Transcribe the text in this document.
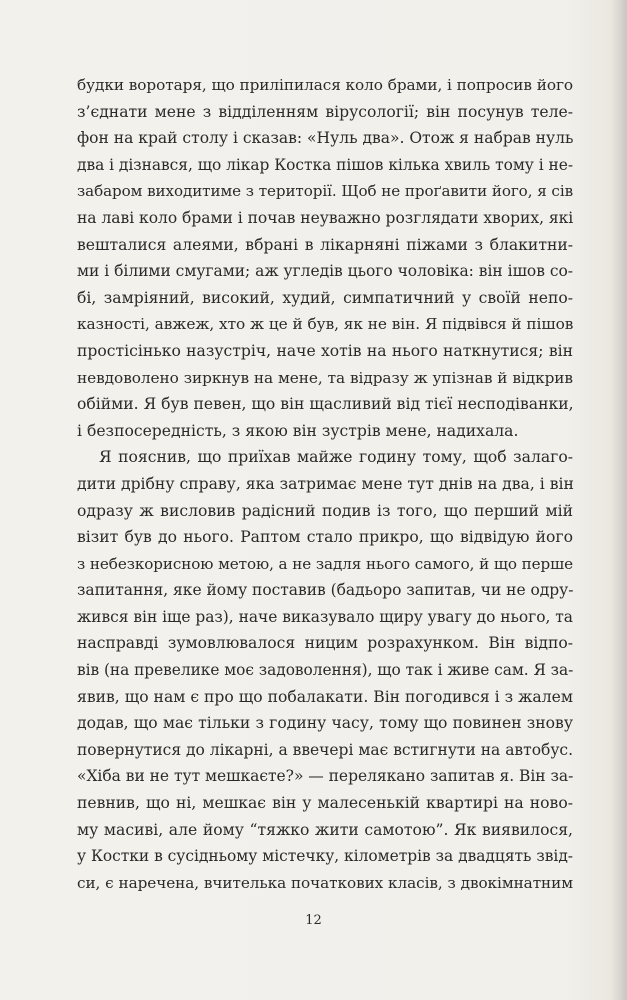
будки воротаря, що приліпилася коло брами, і попросив його
з’єднати мене з відділенням вірусології; він посунув теле-
фон на край столу і сказав: «Нуль два». Отож я набрав нуль
два і дізнався, що лікар Костка пішов кілька хвиль тому і не-
забаром виходитиме з території. Щоб не проґавити його, я сів
на лаві коло брами і почав неуважно розглядати хворих, які
вешталися алеями, вбрані в лікарняні піжами з блакитни-
ми і білими смугами; аж угледів цього чоловіка: він ішов со-
бі, замріяний, високий, худий, симпатичний у своїй непо-
казності, авжеж, хто ж це й був, як не він. Я підвівся й пішов
простісінько назустріч, наче хотів на нього наткнутися; він
невдоволено зиркнув на мене, та відразу ж упізнав й відкрив
обійми. Я був певен, що він щасливий від тієї несподіванки,
і безпосередність, з якою він зустрів мене, надихала.
Я пояснив, що приїхав майже годину тому, щоб залаго-
дити дрібну справу, яка затримає мене тут днів на два, і він
одразу ж висловив радісний подив із того, що перший мій
візит був до нього. Раптом стало прикро, що відвідую його
з небезкорисною метою, а не задля нього самого, й що перше
запитання, яке йому поставив (бадьоро запитав, чи не одру-
жився він іще раз), наче виказувало щиру увагу до нього, та
насправді зумовлювалося ницим розрахунком. Він відпо-
вів (на превелике моє задоволення), що так і живе сам. Я за-
явив, що нам є про що побалакати. Він погодився і з жалем
додав, що має тільки з годину часу, тому що повинен знову
повернутися до лікарні, а ввечері має встигнути на автобус.
«Хіба ви не тут мешкаєте?» — перелякано запитав я. Він за-
певнив, що ні, мешкає він у малесенькій квартирі на ново-
му масиві, але йому “тяжко жити самотою”. Як виявилося,
у Костки в сусідньому містечку, кілометрів за двадцять звід-
си, є наречена, вчителька початкових класів, з двокімнатним
12
